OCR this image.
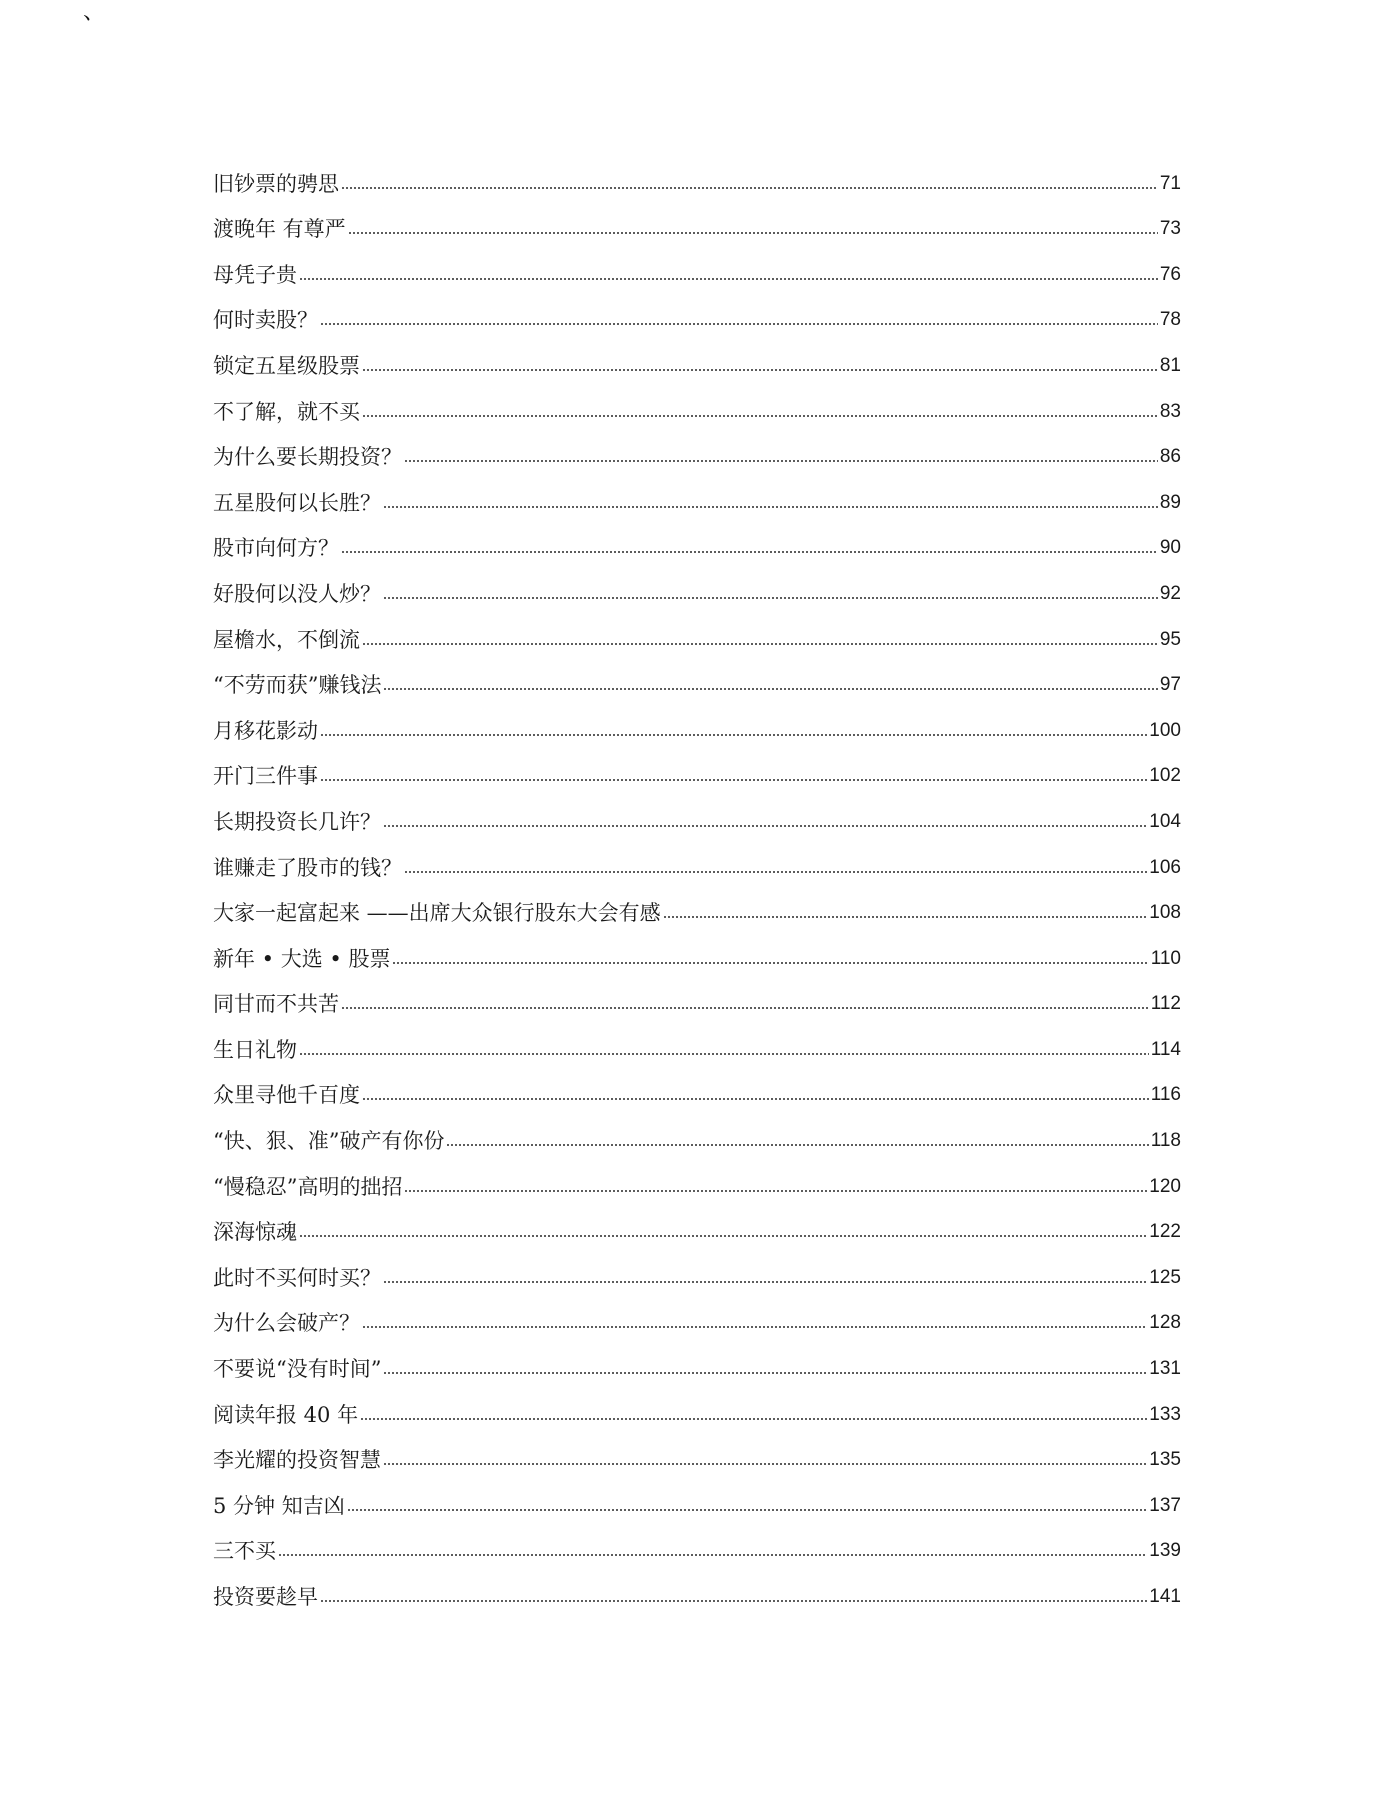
、
旧钞票的骋思	71
渡晚年 有尊严	73
母凭子贵	76
何时卖股？	78
锁定五星级股票	81
不了解，就不买	83
为什么要长期投资？	86
五星股何以长胜？	89
股市向何方？	90
好股何以没人炒？	92
屋檐水，不倒流	95
“不劳而获”赚钱法	97
月移花影动	100
开门三件事	102
长期投资长几许？	104
谁赚走了股市的钱？	106
大家一起富起来 ——出席大众银行股东大会有感	108
新年 • 大选 • 股票	110
同甘而不共苦	112
生日礼物	114
众里寻他千百度	116
“快、狠、准”破产有你份	118
“慢稳忍”高明的拙招	120
深海惊魂	122
此时不买何时买？	125
为什么会破产？	128
不要说“没有时间”	131
阅读年报 40 年	133
李光耀的投资智慧	135
5 分钟 知吉凶	137
三不买	139
投资要趁早	141
